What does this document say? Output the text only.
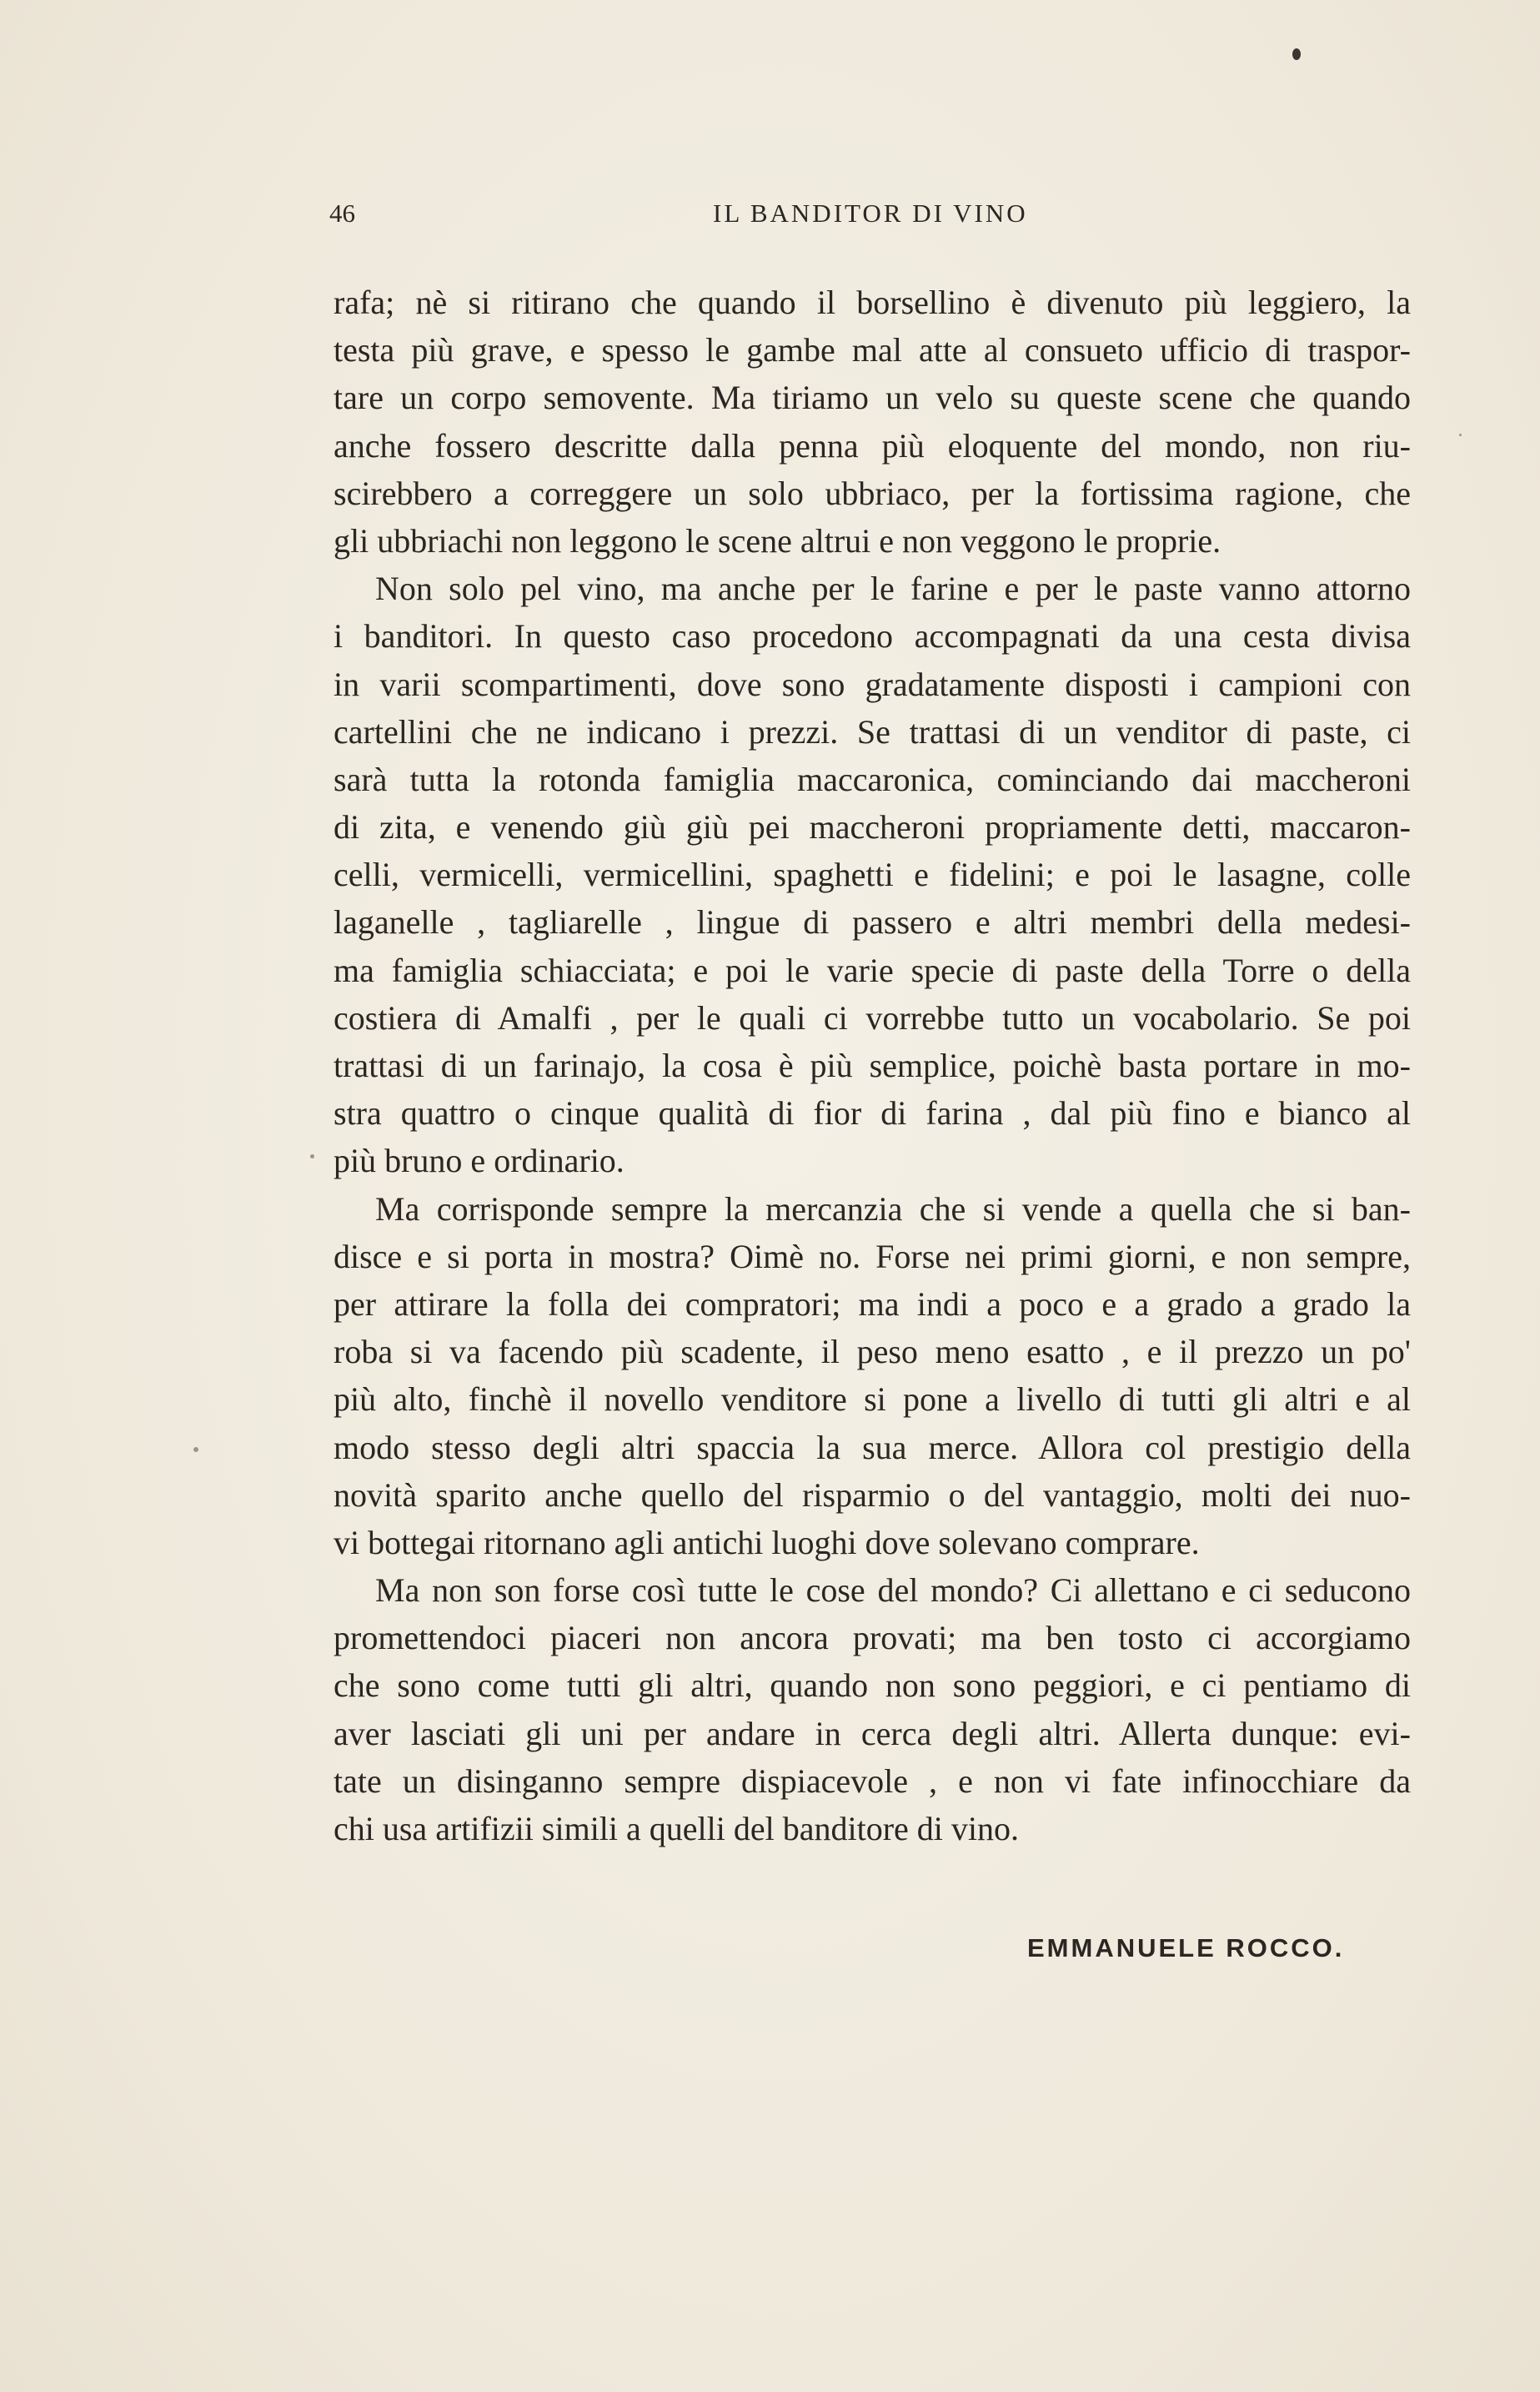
46	IL BANDITOR DI VINO
rafa; nè si ritirano che quando il borsellino è divenuto più leggiero, la
testa più grave, e spesso le gambe mal atte al consueto ufficio di traspor-
tare un corpo semovente. Ma tiriamo un velo su queste scene che quando
anche fossero descritte dalla penna più eloquente del mondo, non riu-
scirebbero a correggere un solo ubbriaco, per la fortissima ragione, che
gli ubbriachi non leggono le scene altrui e non veggono le proprie.
Non solo pel vino, ma anche per le farine e per le paste vanno attorno
i banditori. In questo caso procedono accompagnati da una cesta divisa
in varii scompartimenti, dove sono gradatamente disposti i campioni con
cartellini che ne indicano i prezzi. Se trattasi di un venditor di paste, ci
sarà tutta la rotonda famiglia maccaronica, cominciando dai maccheroni
di zita, e venendo giù giù pei maccheroni propriamente detti, maccaron-
celli, vermicelli, vermicellini, spaghetti e fidelini; e poi le lasagne, colle
laganelle , tagliarelle , lingue di passero e altri membri della medesi-
ma famiglia schiacciata; e poi le varie specie di paste della Torre o della
costiera di Amalfi , per le quali ci vorrebbe tutto un vocabolario. Se poi
trattasi di un farinajo, la cosa è più semplice, poichè basta portare in mo-
stra quattro o cinque qualità di fior di farina , dal più fino e bianco al
più bruno e ordinario.
Ma corrisponde sempre la mercanzia che si vende a quella che si ban-
disce e si porta in mostra? Oimè no. Forse nei primi giorni, e non sempre,
per attirare la folla dei compratori; ma indi a poco e a grado a grado la
roba si va facendo più scadente, il peso meno esatto , e il prezzo un po'
più alto, finchè il novello venditore si pone a livello di tutti gli altri e al
modo stesso degli altri spaccia la sua merce. Allora col prestigio della
novità sparito anche quello del risparmio o del vantaggio, molti dei nuo-
vi bottegai ritornano agli antichi luoghi dove solevano comprare.
Ma non son forse così tutte le cose del mondo? Ci allettano e ci seducono
promettendoci piaceri non ancora provati; ma ben tosto ci accorgiamo
che sono come tutti gli altri, quando non sono peggiori, e ci pentiamo di
aver lasciati gli uni per andare in cerca degli altri. Allerta dunque: evi-
tate un disinganno sempre dispiacevole , e non vi fate infinocchiare da
chi usa artifizii simili a quelli del banditore di vino.
EMMANUELE ROCCO.
